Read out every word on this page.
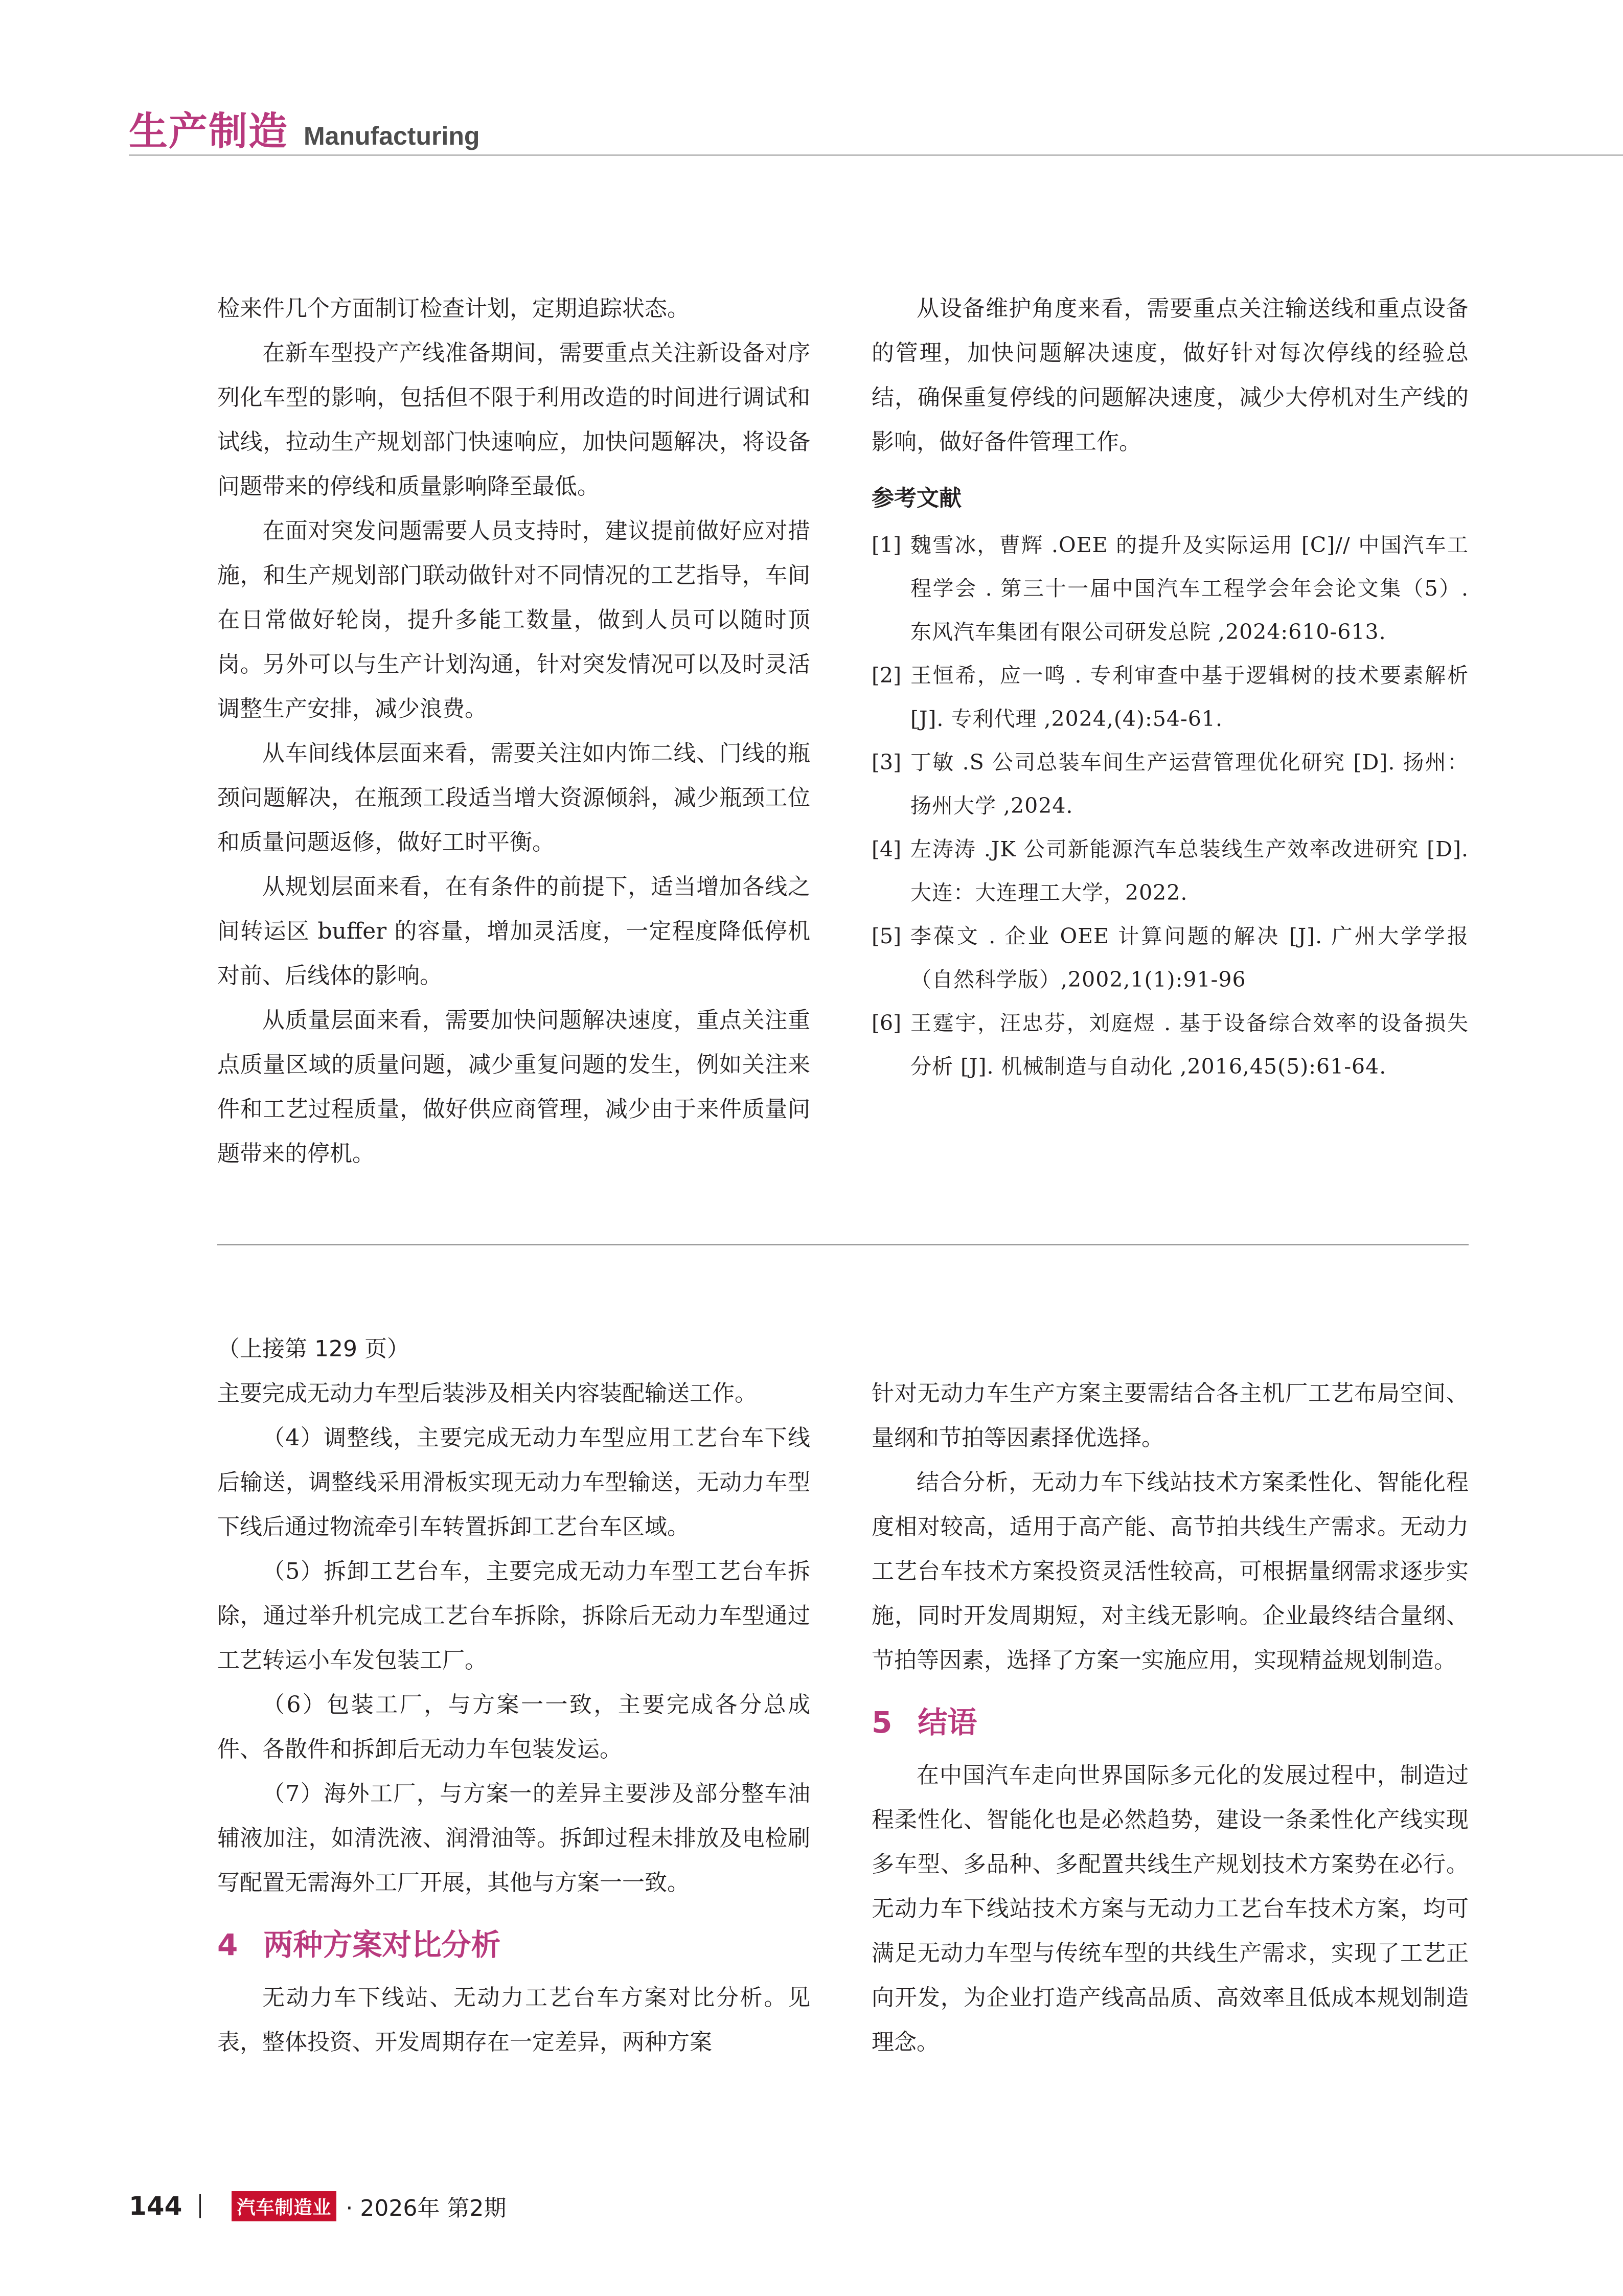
生产制造 Manufacturing

检来件几个方面制订检查计划，定期追踪状态。

在新车型投产产线准备期间，需要重点关注新设备对序列化车型的影响，包括但不限于利用改造的时间进行调试和试线，拉动生产规划部门快速响应，加快问题解决，将设备问题带来的停线和质量影响降至最低。

在面对突发问题需要人员支持时，建议提前做好应对措施，和生产规划部门联动做针对不同情况的工艺指导，车间在日常做好轮岗，提升多能工数量，做到人员可以随时顶岗。另外可以与生产计划沟通，针对突发情况可以及时灵活调整生产安排，减少浪费。

从车间线体层面来看，需要关注如内饰二线、门线的瓶颈问题解决，在瓶颈工段适当增大资源倾斜，减少瓶颈工位和质量问题返修，做好工时平衡。

从规划层面来看，在有条件的前提下，适当增加各线之间转运区 buffer 的容量，增加灵活度，一定程度降低停机对前、后线体的影响。

从质量层面来看，需要加快问题解决速度，重点关注重点质量区域的质量问题，减少重复问题的发生，例如关注来件和工艺过程质量，做好供应商管理，减少由于来件质量问题带来的停机。

从设备维护角度来看，需要重点关注输送线和重点设备的管理，加快问题解决速度，做好针对每次停线的经验总结，确保重复停线的问题解决速度，减少大停机对生产线的影响，做好备件管理工作。

参考文献
[1] 魏雪冰，曹辉 .OEE 的提升及实际运用 [C]// 中国汽车工程学会 . 第三十一届中国汽车工程学会年会论文集（5）. 东风汽车集团有限公司研发总院 ,2024:610-613.
[2] 王恒希，应一鸣 . 专利审查中基于逻辑树的技术要素解析 [J]. 专利代理 ,2024,(4):54-61.
[3] 丁敏 .S 公司总装车间生产运营管理优化研究 [D]. 扬州：扬州大学 ,2024.
[4] 左涛涛 .JK 公司新能源汽车总装线生产效率改进研究 [D]. 大连：大连理工大学，2022.
[5] 李葆文 . 企业 OEE 计算问题的解决 [J]. 广州大学学报（自然科学版）,2002,1(1):91-96
[6] 王霆宇，汪忠芬，刘庭煜 . 基于设备综合效率的设备损失分析 [J]. 机械制造与自动化 ,2016,45(5):61-64.

（上接第 129 页）

主要完成无动力车型后装涉及相关内容装配输送工作。

（4）调整线，主要完成无动力车型应用工艺台车下线后输送，调整线采用滑板实现无动力车型输送，无动力车型下线后通过物流牵引车转置拆卸工艺台车区域。

（5）拆卸工艺台车，主要完成无动力车型工艺台车拆除，通过举升机完成工艺台车拆除，拆除后无动力车型通过工艺转运小车发包装工厂。

（6）包装工厂，与方案一一致，主要完成各分总成件、各散件和拆卸后无动力车包装发运。

（7）海外工厂，与方案一的差异主要涉及部分整车油辅液加注，如清洗液、润滑油等。拆卸过程未排放及电检刷写配置无需海外工厂开展，其他与方案一一致。

4 两种方案对比分析

无动力车下线站、无动力工艺台车方案对比分析。见表，整体投资、开发周期存在一定差异，两种方案

针对无动力车生产方案主要需结合各主机厂工艺布局空间、量纲和节拍等因素择优选择。

结合分析，无动力车下线站技术方案柔性化、智能化程度相对较高，适用于高产能、高节拍共线生产需求。无动力工艺台车技术方案投资灵活性较高，可根据量纲需求逐步实施，同时开发周期短，对主线无影响。企业最终结合量纲、节拍等因素，选择了方案一实施应用，实现精益规划制造。

5 结语

在中国汽车走向世界国际多元化的发展过程中，制造过程柔性化、智能化也是必然趋势，建设一条柔性化产线实现多车型、多品种、多配置共线生产规划技术方案势在必行。无动力车下线站技术方案与无动力工艺台车技术方案，均可满足无动力车型与传统车型的共线生产需求，实现了工艺正向开发，为企业打造产线高品质、高效率且低成本规划制造理念。

144	汽车制造业 · 2026年 第2期
